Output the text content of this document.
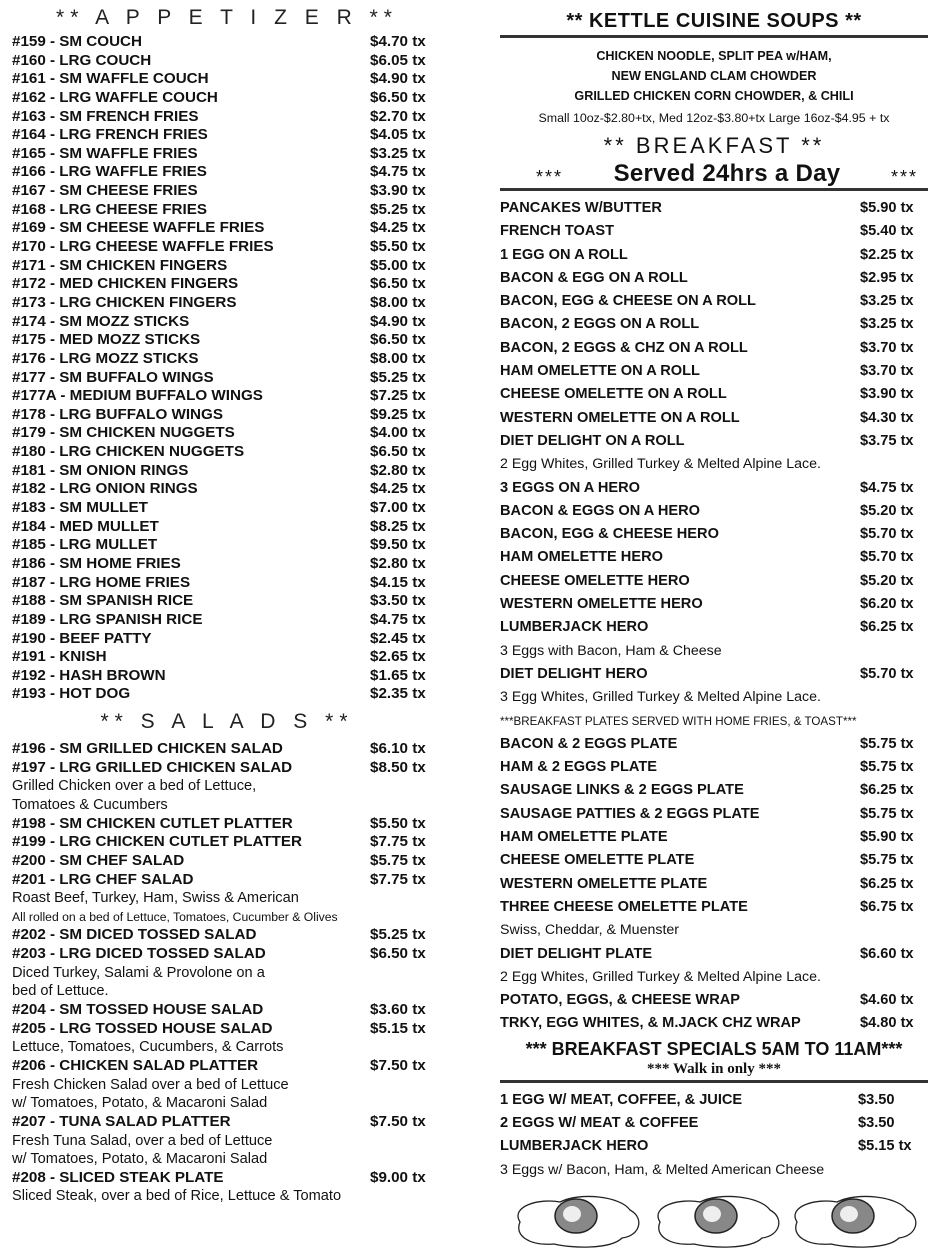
** A P P E T I Z E R **
#159 - SM COUCH	$4.70 tx
#160 - LRG COUCH	$6.05 tx
#161 - SM WAFFLE COUCH	$4.90 tx
#162 - LRG WAFFLE COUCH	$6.50 tx
#163 - SM FRENCH FRIES	$2.70 tx
#164 - LRG FRENCH FRIES	$4.05 tx
#165 - SM WAFFLE FRIES	$3.25 tx
#166 - LRG WAFFLE FRIES	$4.75 tx
#167 - SM CHEESE FRIES	$3.90 tx
#168 - LRG CHEESE FRIES	$5.25 tx
#169 - SM CHEESE WAFFLE FRIES	$4.25 tx
#170 - LRG CHEESE WAFFLE FRIES	$5.50 tx
#171 - SM CHICKEN FINGERS	$5.00 tx
#172 - MED CHICKEN FINGERS	$6.50 tx
#173 - LRG CHICKEN FINGERS	$8.00 tx
#174 - SM MOZZ STICKS	$4.90 tx
#175 - MED MOZZ STICKS	$6.50 tx
#176 - LRG MOZZ STICKS	$8.00 tx
#177 - SM BUFFALO WINGS	$5.25 tx
#177A - MEDIUM BUFFALO WINGS	$7.25 tx
#178 - LRG BUFFALO WINGS	$9.25 tx
#179 - SM CHICKEN NUGGETS	$4.00 tx
#180 - LRG CHICKEN NUGGETS	$6.50 tx
#181 - SM ONION RINGS	$2.80 tx
#182 - LRG ONION RINGS	$4.25 tx
#183 - SM MULLET	$7.00 tx
#184 - MED MULLET	$8.25 tx
#185 - LRG MULLET	$9.50 tx
#186 - SM HOME FRIES	$2.80 tx
#187 - LRG HOME FRIES	$4.15 tx
#188 - SM SPANISH RICE	$3.50 tx
#189 - LRG SPANISH RICE	$4.75 tx
#190 - BEEF PATTY	$2.45 tx
#191 - KNISH	$2.65 tx
#192 - HASH BROWN	$1.65 tx
#193 - HOT DOG	$2.35 tx
** S A L A D S **
#196 - SM GRILLED CHICKEN SALAD	$6.10 tx
#197 - LRG GRILLED CHICKEN SALAD	$8.50 tx
Grilled Chicken over a bed of Lettuce,
Tomatoes & Cucumbers
#198 - SM CHICKEN CUTLET PLATTER	$5.50 tx
#199 - LRG CHICKEN CUTLET PLATTER	$7.75 tx
#200 - SM CHEF SALAD	$5.75 tx
#201 - LRG CHEF SALAD	$7.75 tx
Roast Beef, Turkey, Ham, Swiss & American
All rolled on a bed of Lettuce, Tomatoes, Cucumber & Olives
#202 - SM DICED TOSSED SALAD	$5.25 tx
#203 - LRG DICED TOSSED SALAD	$6.50 tx
Diced Turkey, Salami & Provolone on a
bed of Lettuce.
#204 - SM TOSSED HOUSE SALAD	$3.60 tx
#205 - LRG TOSSED HOUSE SALAD	$5.15 tx
Lettuce, Tomatoes, Cucumbers, & Carrots
#206 - CHICKEN SALAD PLATTER	$7.50 tx
Fresh Chicken Salad over a bed of Lettuce
w/ Tomatoes, Potato, & Macaroni Salad
#207 - TUNA SALAD PLATTER	$7.50 tx
Fresh Tuna Salad, over a bed of Lettuce
w/ Tomatoes, Potato, & Macaroni Salad
#208 - SLICED STEAK PLATE	$9.00 tx
Sliced Steak, over a bed of Rice, Lettuce & Tomato
** KETTLE CUISINE SOUPS **
CHICKEN NOODLE, SPLIT PEA w/HAM,
NEW ENGLAND CLAM CHOWDER
GRILLED CHICKEN CORN CHOWDER, & CHILI
Small 10oz-$2.80+tx, Med 12oz-$3.80+tx Large 16oz-$4.95 + tx
** BREAKFAST **
*** Served 24hrs a Day	***
PANCAKES W/BUTTER	$5.90 tx
FRENCH TOAST	$5.40 tx
1 EGG ON A ROLL	$2.25 tx
BACON & EGG ON A ROLL	$2.95 tx
BACON, EGG & CHEESE ON A ROLL	$3.25 tx
BACON, 2 EGGS ON A ROLL	$3.25 tx
BACON, 2 EGGS & CHZ ON A ROLL	$3.70 tx
HAM OMELETTE ON A ROLL	$3.70 tx
CHEESE OMELETTE ON A ROLL	$3.90 tx
WESTERN OMELETTE ON A ROLL	$4.30 tx
DIET DELIGHT ON A ROLL	$3.75 tx
2 Egg Whites, Grilled Turkey & Melted Alpine Lace.
3 EGGS ON A HERO	$4.75 tx
BACON & EGGS ON A HERO	$5.20 tx
BACON, EGG & CHEESE HERO	$5.70 tx
HAM OMELETTE HERO	$5.70 tx
CHEESE OMELETTE HERO	$5.20 tx
WESTERN OMELETTE HERO	$6.20 tx
LUMBERJACK HERO	$6.25 tx
3 Eggs with Bacon, Ham & Cheese
DIET DELIGHT HERO	$5.70 tx
3 Egg Whites, Grilled Turkey & Melted Alpine Lace.
***BREAKFAST PLATES SERVED WITH HOME FRIES, & TOAST***
BACON & 2 EGGS PLATE	$5.75 tx
HAM & 2 EGGS PLATE	$5.75 tx
SAUSAGE LINKS & 2 EGGS PLATE	$6.25 tx
SAUSAGE PATTIES & 2 EGGS PLATE	$5.75 tx
HAM OMELETTE PLATE	$5.90 tx
CHEESE OMELETTE PLATE	$5.75 tx
WESTERN OMELETTE PLATE	$6.25 tx
THREE CHEESE OMELETTE PLATE	$6.75 tx
Swiss, Cheddar, & Muenster
DIET DELIGHT PLATE	$6.60 tx
2 Egg Whites, Grilled Turkey & Melted Alpine Lace.
POTATO, EGGS, & CHEESE WRAP	$4.60 tx
TRKY, EGG WHITES, & M.JACK CHZ WRAP	$4.80 tx
*** BREAKFAST SPECIALS 5AM TO 11AM***
*** Walk in only ***
1 EGG W/ MEAT, COFFEE, & JUICE	$3.50
2 EGGS W/ MEAT & COFFEE	$3.50
LUMBERJACK HERO	$5.15 tx
3 Eggs w/ Bacon, Ham, & Melted American Cheese
